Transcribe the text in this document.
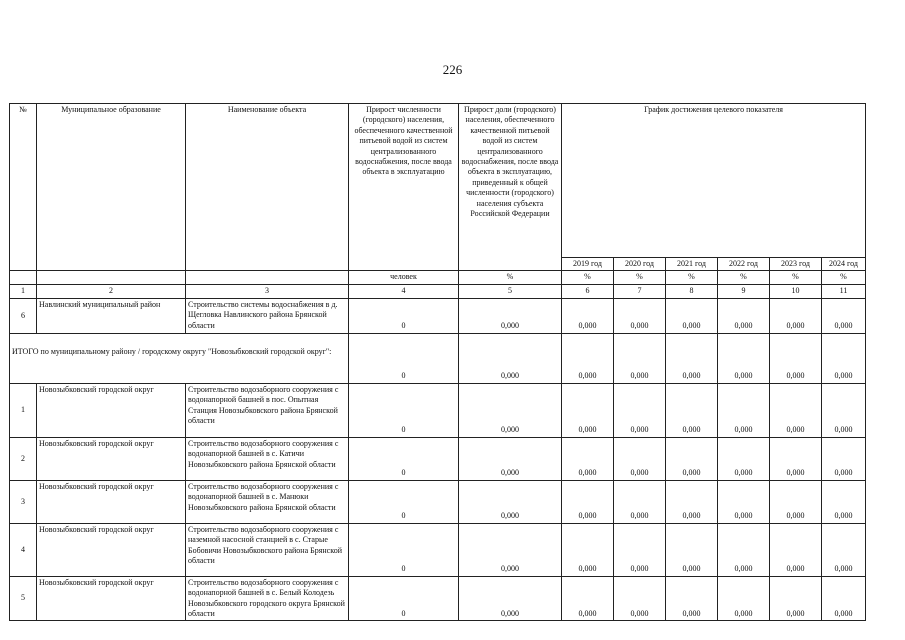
226
№	Муниципальное образование	Наименование объекта	Прирост численности (городского) населения, обеспеченного качественной питьевой водой из систем централизованного водоснабжения, после ввода объекта в эксплуатацию	Прирост доли (городского) населения, обеспеченного качественной питьевой водой из систем централизованного водоснабжения, после ввода объекта в эксплуатацию, приведенный к общей численности (городского) населения субъекта Российской Федерации	График достижения целевого показателя					
					2019 год	2020 год	2021 год	2022 год	2023 год	2024 год
			человек	%	%	%	%	%	%	%
1	2	3	4	5	6	7	8	9	10	11
6	Навлинский муниципальный район	Строительство системы водоснабжения в д. Щегловка Навлинского района Брянской области	0	0,000	0,000	0,000	0,000	0,000	0,000	0,000
ИТОГО по муниципальному району / городскому округу "Новозыбковский городской округ":			0	0,000	0,000	0,000	0,000	0,000	0,000	0,000
1	Новозыбковский городской округ	Строительство водозаборного сооружения с водонапорной башней в пос. Опытная Станция Новозыбковского района Брянской области	0	0,000	0,000	0,000	0,000	0,000	0,000	0,000
2	Новозыбковский городской округ	Строительство водозаборного сооружения с водонапорной башней в с. Катичи Новозыбковского района Брянской области	0	0,000	0,000	0,000	0,000	0,000	0,000	0,000
3	Новозыбковский городской округ	Строительство водозаборного сооружения с водонапорной башней в с. Манюки Новозыбковского района Брянской области	0	0,000	0,000	0,000	0,000	0,000	0,000	0,000
4	Новозыбковский городской округ	Строительство водозаборного сооружения с наземной насосной станцией в с. Старые Бобовичи Новозыбковского района Брянской области	0	0,000	0,000	0,000	0,000	0,000	0,000	0,000
5	Новозыбковский городской округ	Строительство водозаборного сооружения с водонапорной башней в с. Белый Колодезь Новозыбковского городского округа Брянской области	0	0,000	0,000	0,000	0,000	0,000	0,000	0,000
